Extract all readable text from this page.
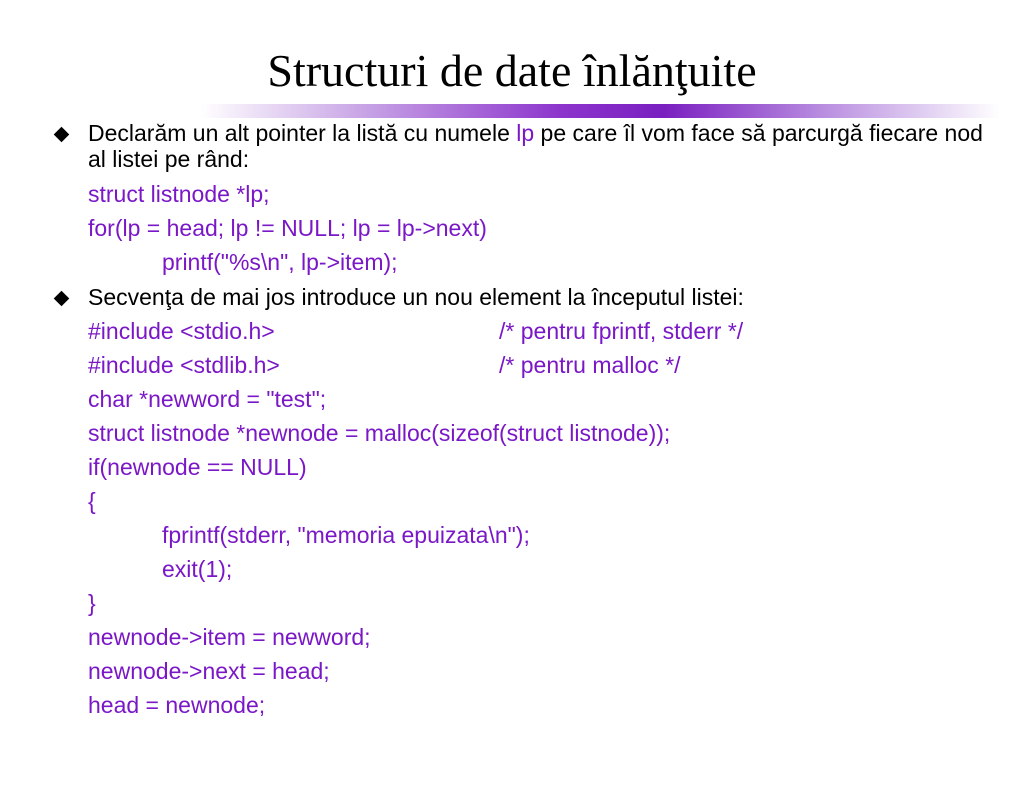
Structuri de date înlănţuite
Declarăm un alt pointer la listă cu numele lp pe care îl vom face să parcurgă fiecare nod al listei pe rând:
struct listnode *lp;
for(lp = head; lp != NULL; lp = lp->next)
printf("%s\n", lp->item);
Secvenţa de mai jos introduce un nou element la începutul listei:
#include <stdio.h>	/* pentru fprintf, stderr */
#include <stdlib.h>	/* pentru malloc */
char *newword = "test";
struct listnode *newnode = malloc(sizeof(struct listnode));
if(newnode == NULL)
{
fprintf(stderr, "memoria epuizata\n");
exit(1);
}
newnode->item = newword;
newnode->next = head;
head = newnode;
